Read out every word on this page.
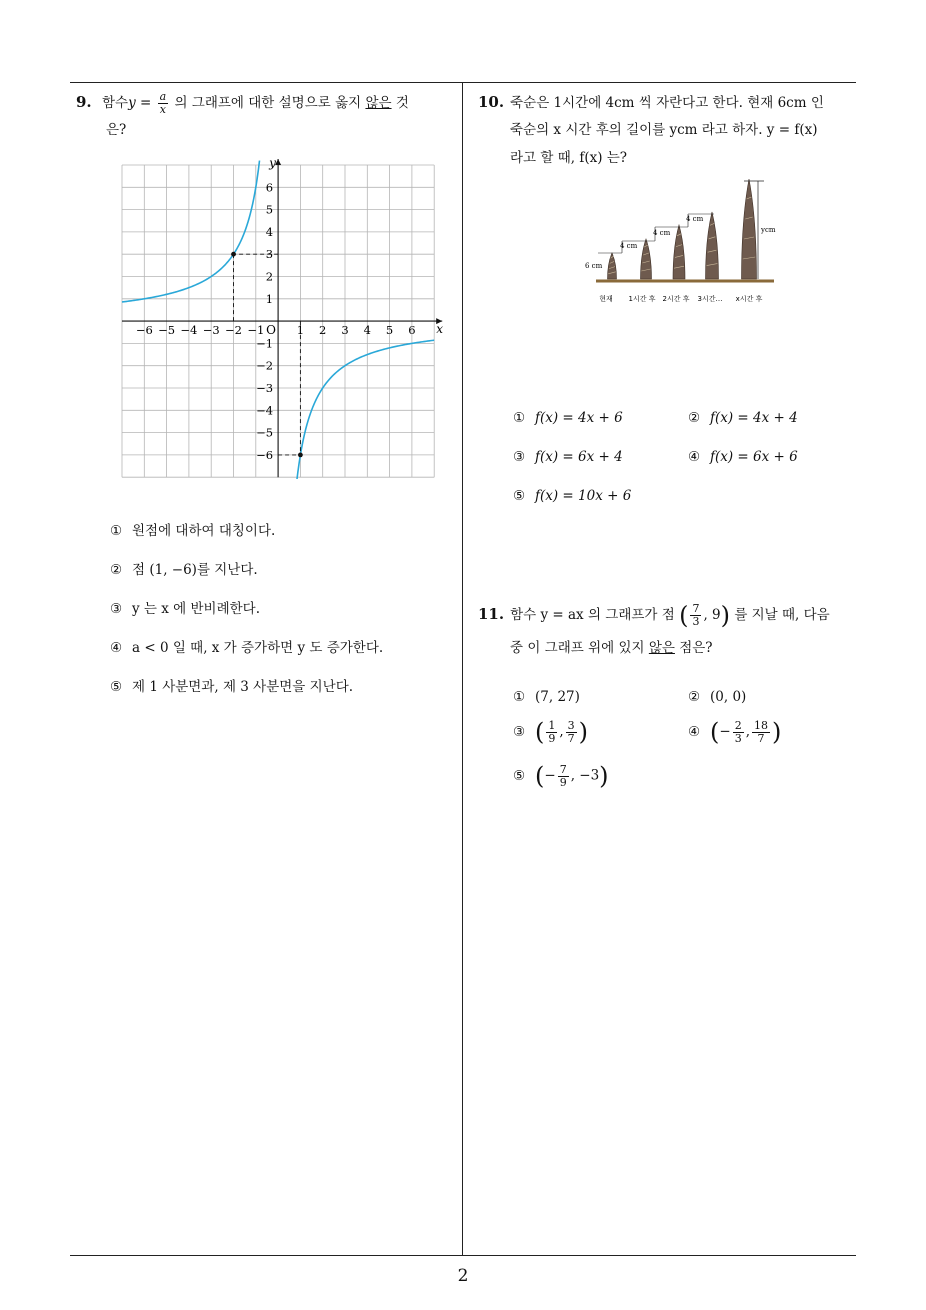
2
9. 함수$y = \frac{a}{x}$ 의 그래프에 대한 설명으로 옳지 않은 것
은?
x
y
O
−6 −5 −4 −3 −2 −1	1 2 3 4 5 6
1
2
3
4
5
6
−1
−2
−3
−4
−5
−6
① 원점에 대하여 대칭이다.
② 점 (1, −6)를 지난다.
③ y 는 x 에 반비례한다.
④ a < 0 일 때, x 가 증가하면 y 도 증가한다.
⑤ 제 1 사분면과, 제 3 사분면을 지난다.
10. 죽순은 1시간에 4cm 씩 자란다고 한다. 현재 6cm 인
죽순의 x 시간 후의 길이를 ycm 라고 하자. y = f(x)
라고 할 때, f(x) 는?
6 cm
4 cm
4 cm
4 cm
ycm
현재 1시간 후 2시간 후 3시간… x시간 후
① f(x) = 4x + 6	② f(x) = 4x + 4
③ f(x) = 6x + 4	④ f(x) = 6x + 6
⑤ f(x) = 10x + 6
11. 함수 y = ax 의 그래프가 점 ( $\frac{7}{3}$ , 9) 를 지날 때, 다음
중 이 그래프 위에 있지 않은 점은?
① (7, 27)	② (0, 0)
③ ( $\frac{1}{9}$ , $\frac{3}{7}$ )	④ (− $\frac{2}{3}$ , $\frac{18}{7}$ )
⑤ (− $\frac{7}{9}$ , −3)
